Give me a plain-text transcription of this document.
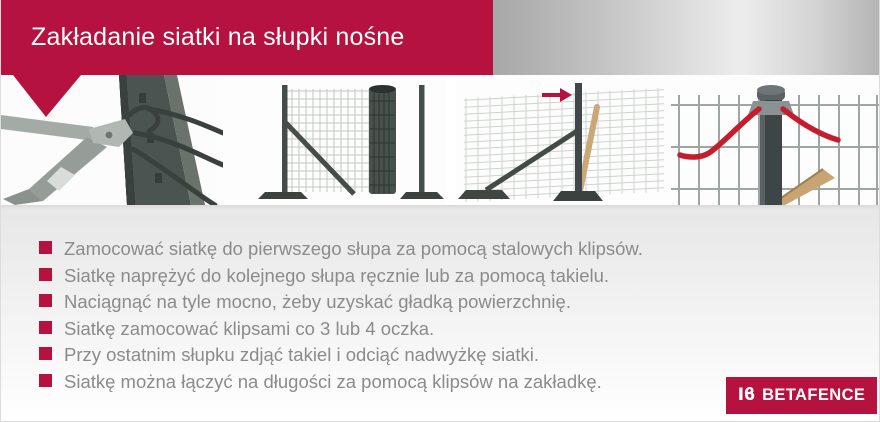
Zakładanie siatki na słupki nośne
Zamocować siatkę do pierwszego słupa za pomocą stalowych klipsów.
Siatkę naprężyć do kolejnego słupa ręcznie lub za pomocą takielu.
Naciągnąć na tyle mocno, żeby uzyskać gładką powierzchnię.
Siatkę zamocować klipsami co 3 lub 4 oczka.
Przy ostatnim słupku zdjąć takiel i odciąć nadwyżkę siatki.
Siatkę można łączyć na długości za pomocą klipsów na zakładkę.
Iϐ BETAFENCE
